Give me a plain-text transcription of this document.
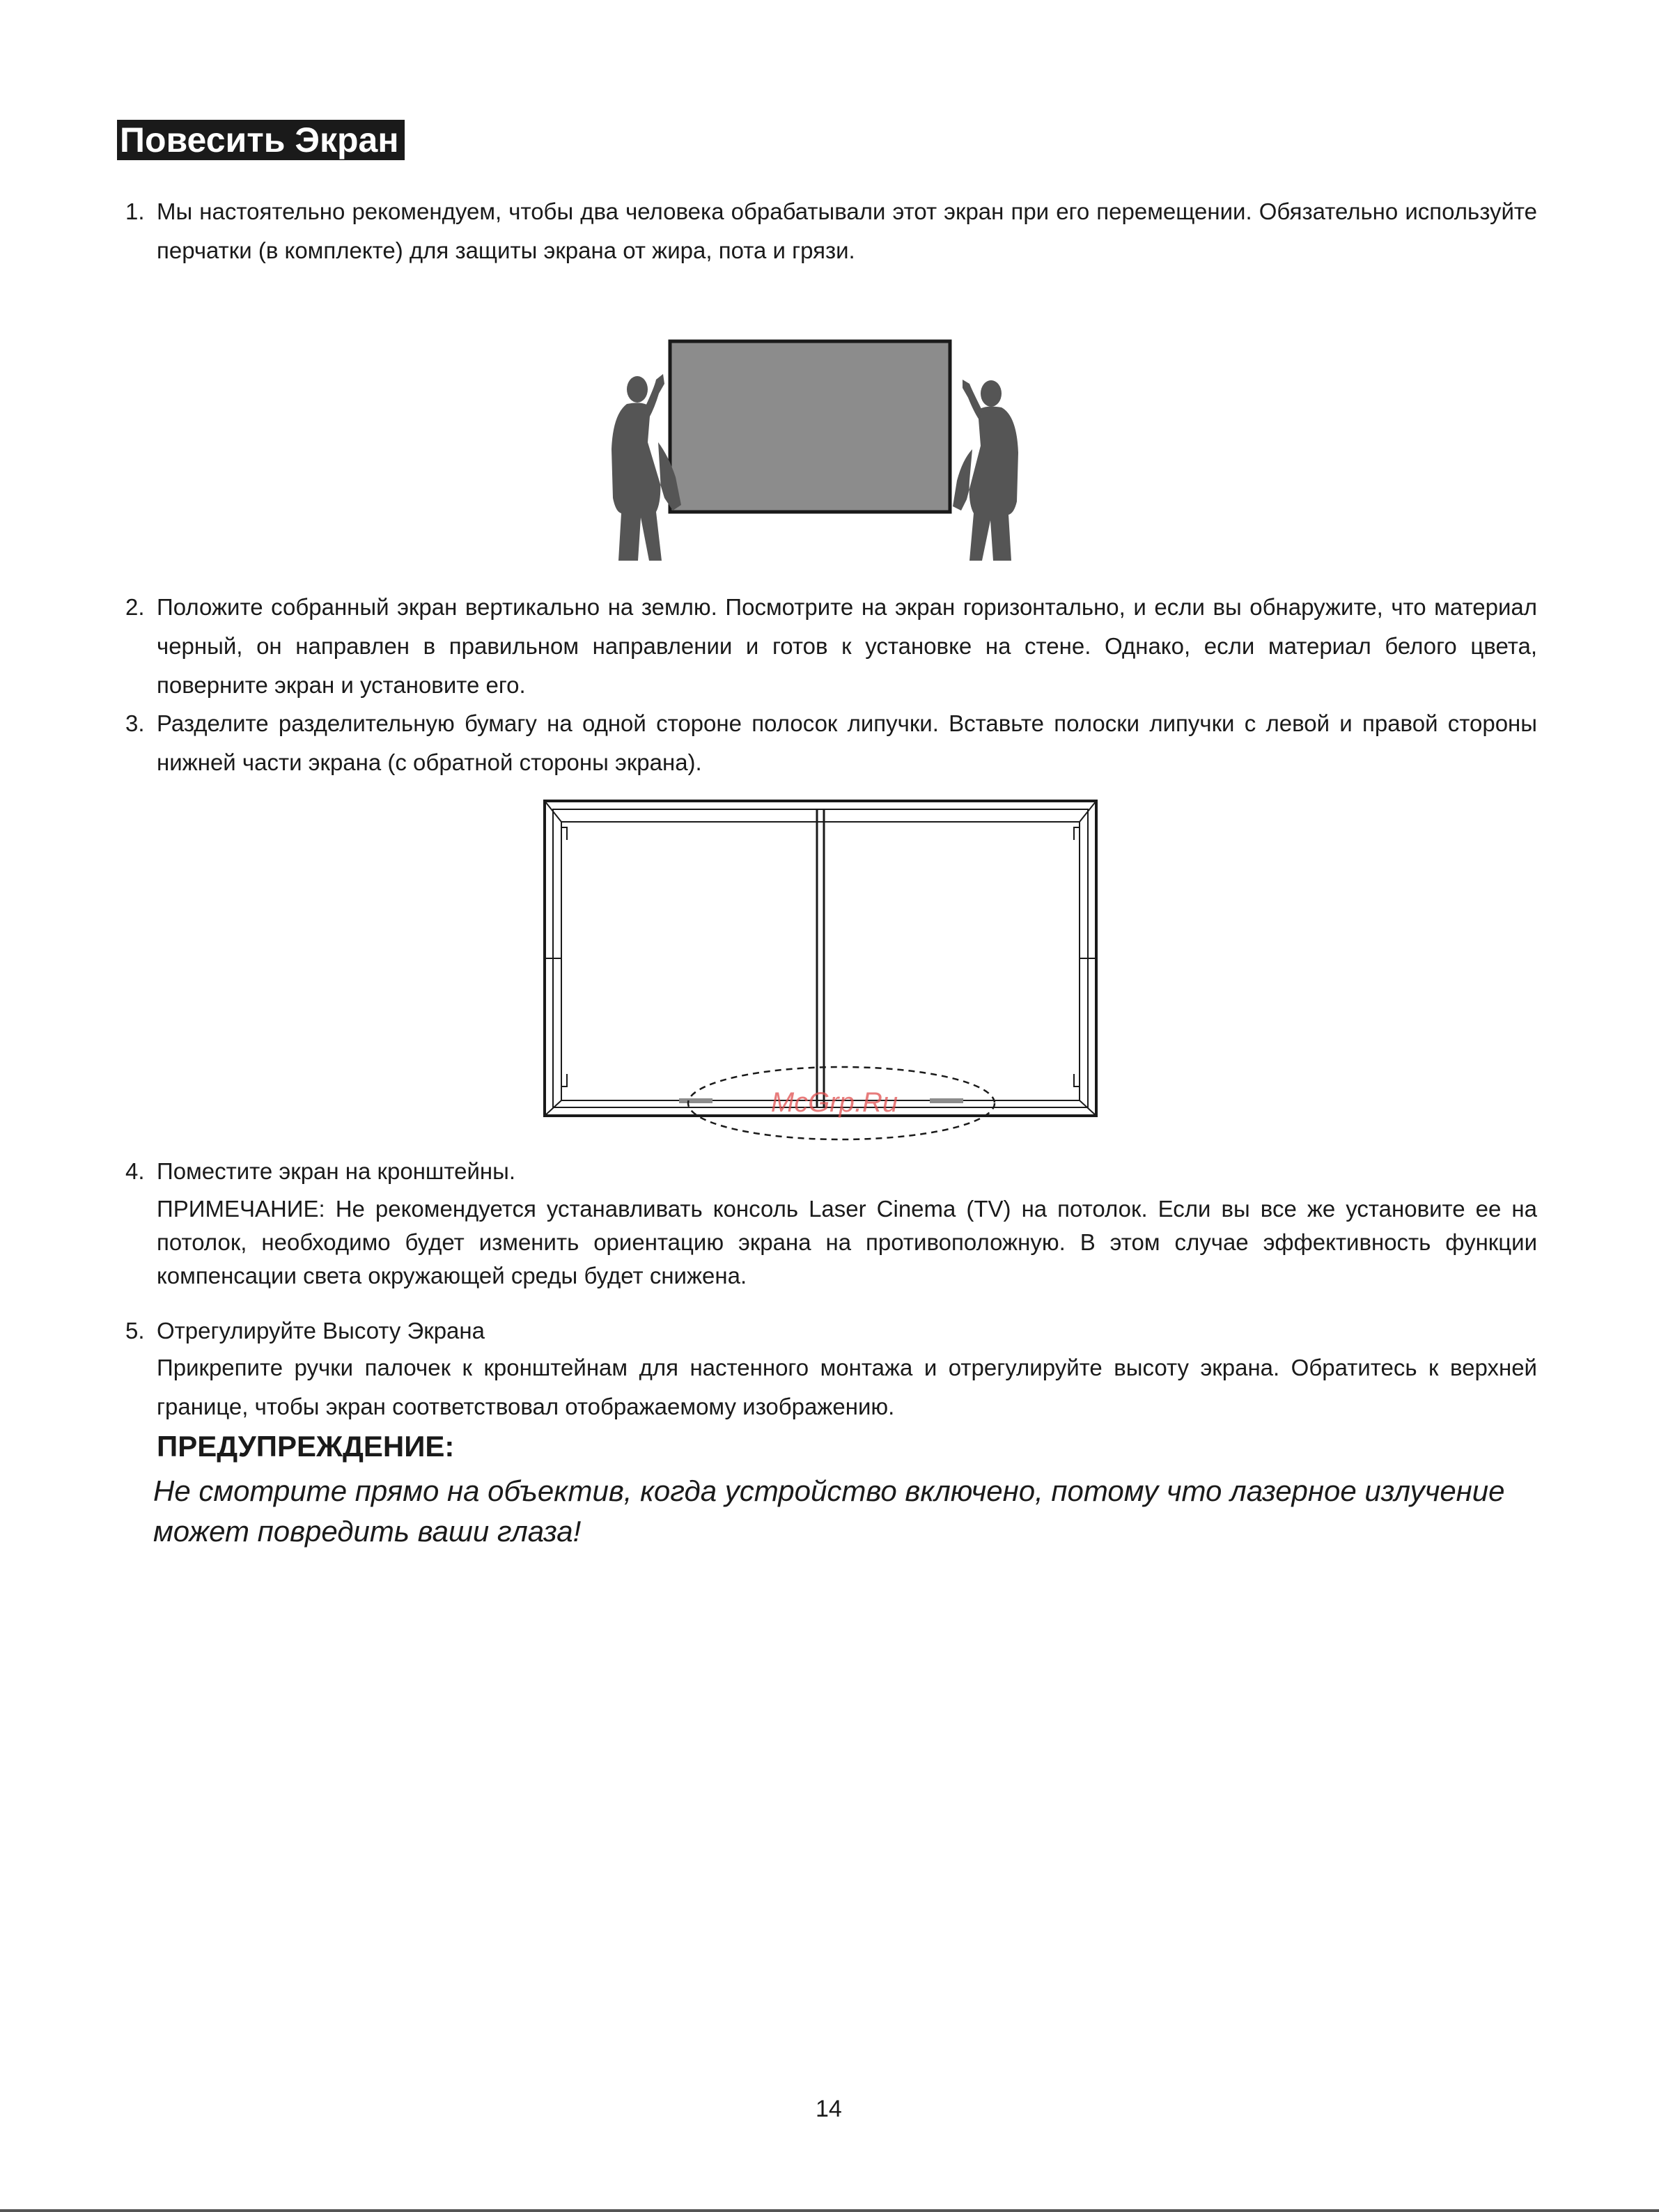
Повесить Экран
1. Мы настоятельно рекомендуем, чтобы два человека обрабатывали этот экран при его перемещении. Обязательно используйте перчатки (в комплекте) для защиты экрана от жира, пота и грязи.
2. Положите собранный экран вертикально на землю. Посмотрите на экран горизонтально, и если вы обнаружите, что материал черный, он направлен в правильном направлении и готов к установке на стене. Однако, если материал белого цвета, поверните экран и установите его.
3. Разделите разделительную бумагу на одной стороне полосок липучки. Вставьте полоски липучки с левой и правой стороны нижней части экрана (с обратной стороны экрана).
McGrp.Ru
4. Поместите экран на кронштейны.
ПРИМЕЧАНИЕ: Не рекомендуется устанавливать консоль Laser Cinema (TV) на потолок. Если вы все же установите ее на потолок, необходимо будет изменить ориентацию экрана на противоположную. В этом случае эффективность функции компенсации света окружающей среды будет снижена.
5. Отрегулируйте Высоту Экрана
Прикрепите ручки палочек к кронштейнам для настенного монтажа и отрегулируйте высоту экрана. Обратитесь к верхней границе, чтобы экран соответствовал отображаемому изображению.
ПРЕДУПРЕЖДЕНИЕ:
Не смотрите прямо на объектив, когда устройство включено, потому что лазерное излучение может повредить ваши глаза!
14
